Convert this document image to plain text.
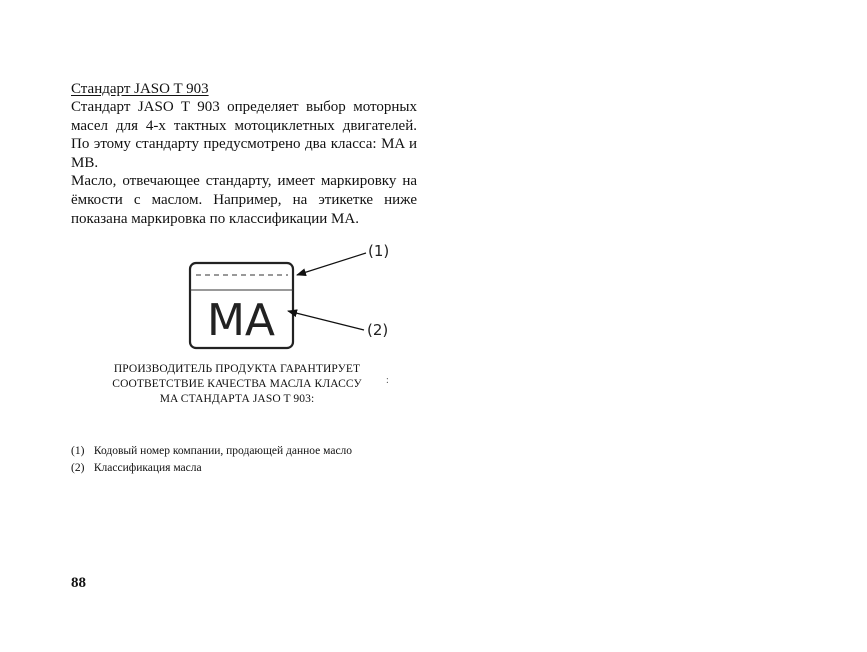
Стандарт JASO T 903

Стандарт JASO T 903 определяет выбор моторных масел для 4-х тактных мотоциклетных двигателей. По этому стандарту предусмотрено два класса: MA и MB.

Масло, отвечающее стандарту, имеет маркировку на ёмкости с маслом. Например, на этикетке ниже показана маркировка по классификации MA.

MA
(1)
(2)
ПРОИЗВОДИТЕЛЬ ПРОДУКТА ГАРАНТИРУЕТ
СООТВЕТСТВИЕ КАЧЕСТВА МАСЛА КЛАССУ
MA СТАНДАРТА JASO T 903:
:
(1) Кодовый номер компании, продающей данное масло
(2) Классификация масла
88
